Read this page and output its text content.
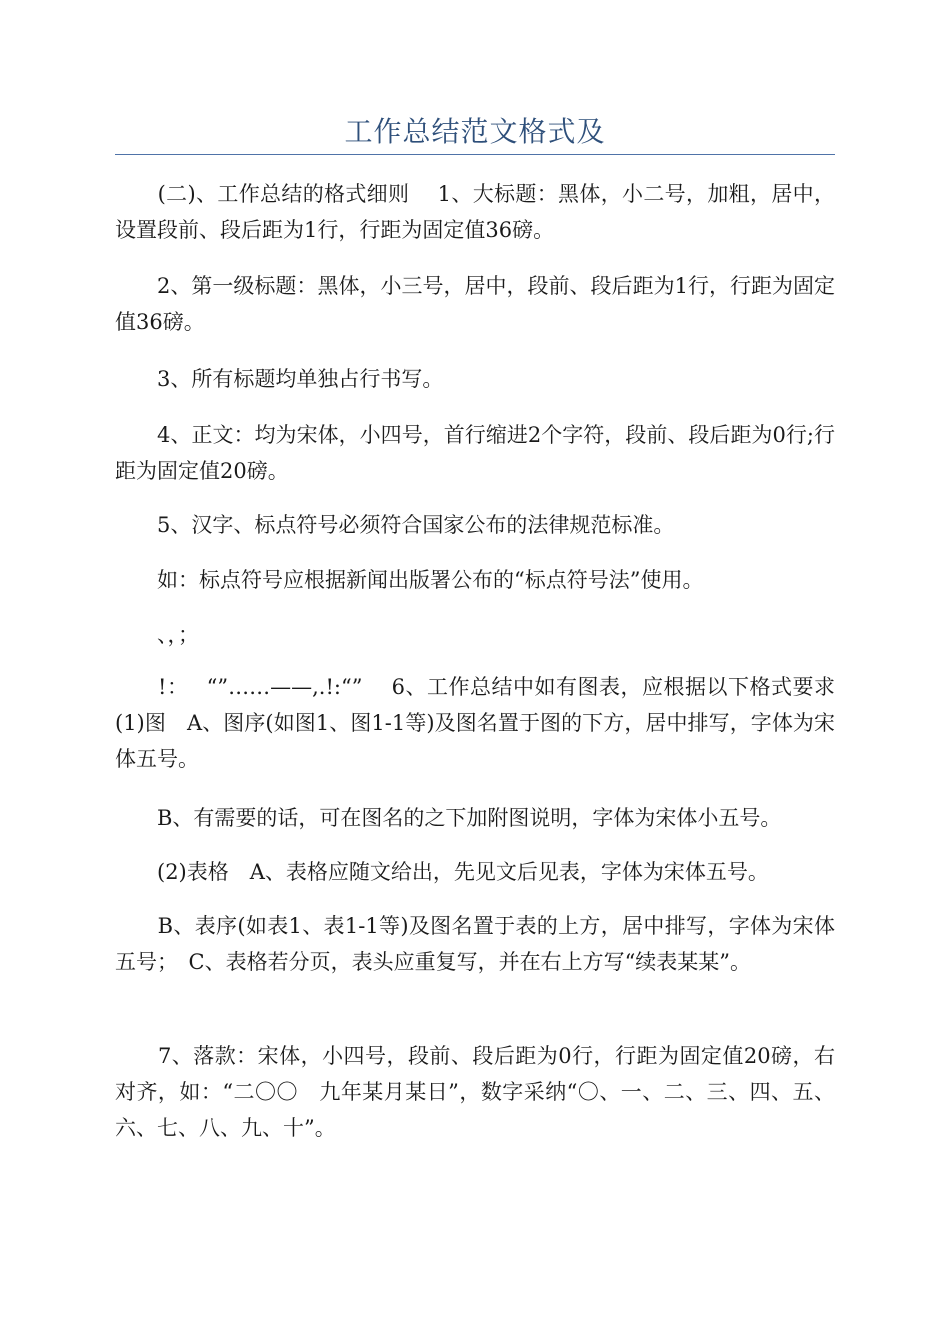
工作总结范文格式及
　　(二)、工作总结的格式细则　 1、大标题：黑体，小二号，加粗，居中，设置段前、段后距为1行，行距为固定值36磅。
　　2、第一级标题：黑体，小三号，居中，段前、段后距为1行，行距为固定值36磅。
　　3、所有标题均单独占行书写。
　　4、正文：均为宋体，小四号，首行缩进2个字符，段前、段后距为0行;行距为固定值20磅。
　　5、汉字、标点符号必须符合国家公布的法律规范标准。
　　如：标点符号应根据新闻出版署公布的“标点符号法”使用。
　　、，；
　　!：　 “”……——,.!:“”　 6、工作总结中如有图表，应根据以下格式要求　(1)图　A、图序(如图1、图1-1等)及图名置于图的下方，居中排写，字体为宋体五号。
　　B、有需要的话，可在图名的之下加附图说明，字体为宋体小五号。
　　(2)表格　A、表格应随文给出，先见文后见表，字体为宋体五号。
　　B、表序(如表1、表1-1等)及图名置于表的上方，居中排写，字体为宋体五号；　C、表格若分页，表头应重复写，并在右上方写“续表某某”。
　　7、落款：宋体，小四号，段前、段后距为0行，行距为固定值20磅，右对齐，如：“二〇〇　九年某月某日”，数字采纳“〇、一、二、三、四、五、六、七、八、九、十”。
